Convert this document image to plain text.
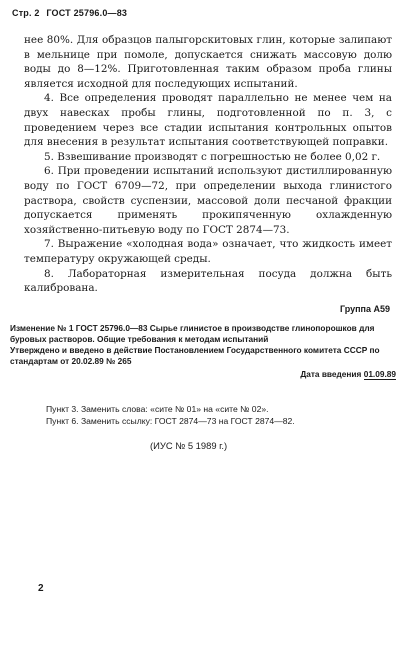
Стр. 2 ГОСТ 25796.0—83

нее 80%. Для образцов палыгорскитовых глин, которые залипают в мельнице при помоле, допускается снижать массовую долю воды до 8—12%. Приготовленная таким образом проба глины является исходной для последующих испытаний.

4. Все определения проводят параллельно не менее чем на двух навесках пробы глины, подготовленной по п. 3, с проведением через все стадии испытания контрольных опытов для внесения в результат испытания соответствующей поправки.

5. Взвешивание производят с погрешностью не более 0,02 г.

6. При проведении испытаний используют дистиллированную воду по ГОСТ 6709—72, при определении выхода глинистого раствора, свойств суспензии, массовой доли песчаной фракции допускается применять прокипяченную охлажденную хозяйственно-питьевую воду по ГОСТ 2874—73.

7. Выражение «холодная вода» означает, что жидкость имеет температуру окружающей среды.

8. Лабораторная измерительная посуда должна быть калиброванa.

Группа А59

Изменение № 1 ГОСТ 25796.0—83 Сырье глинистое в производстве глинопорошков для буровых растворов. Общие требования к методам испытаний

Утверждено и введено в действие Постановлением Государственного комитета СССР по стандартам от 20.02.89 № 265

Дата введения 01.09.89

Пункт 3. Заменить слова: «сите № 01» на «сите № 02».

Пункт 6. Заменить ссылку: ГОСТ 2874—73 на ГОСТ 2874—82.

(ИУС № 5 1989 г.)
2
